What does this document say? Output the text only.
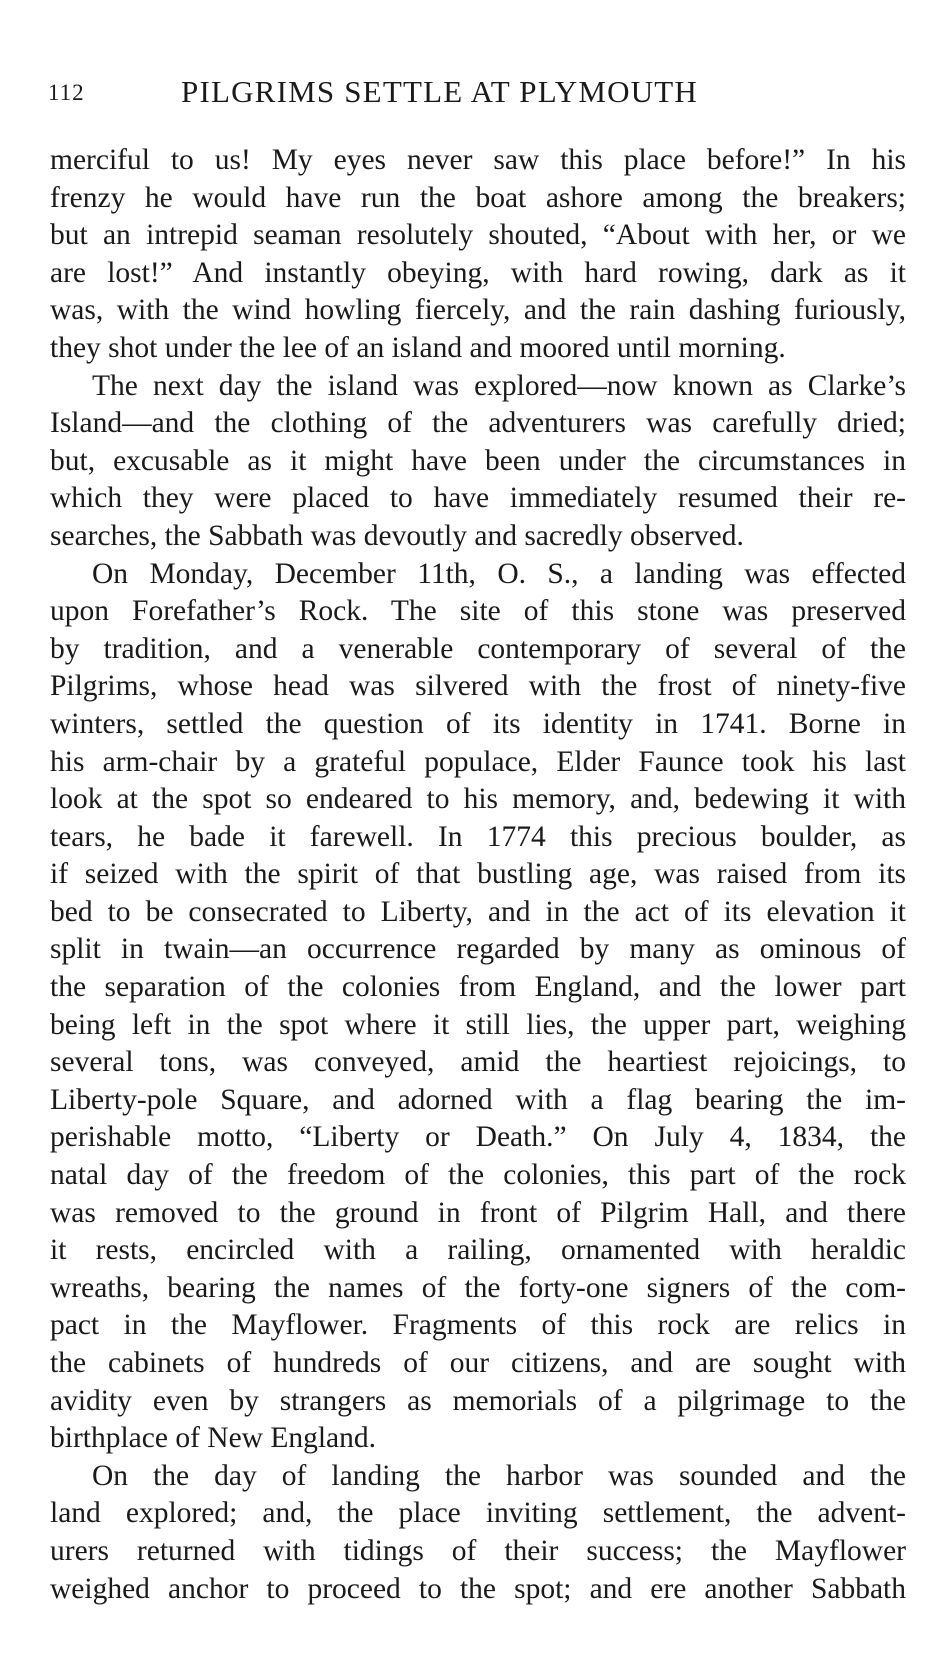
112	PILGRIMS SETTLE AT PLYMOUTH
merciful to us! My eyes never saw this place before!” In his
frenzy he would have run the boat ashore among the breakers;
but an intrepid seaman resolutely shouted, “About with her, or we
are lost!” And instantly obeying, with hard rowing, dark as it
was, with the wind howling fiercely, and the rain dashing furiously,
they shot under the lee of an island and moored until morning.
The next day the island was explored—now known as Clarke’s
Island—and the clothing of the adventurers was carefully dried;
but, excusable as it might have been under the circumstances in
which they were placed to have immediately resumed their re-
searches, the Sabbath was devoutly and sacredly observed.
On Monday, December 11th, O. S., a landing was effected
upon Forefather’s Rock. The site of this stone was preserved
by tradition, and a venerable contemporary of several of the
Pilgrims, whose head was silvered with the frost of ninety-five
winters, settled the question of its identity in 1741. Borne in
his arm-chair by a grateful populace, Elder Faunce took his last
look at the spot so endeared to his memory, and, bedewing it with
tears, he bade it farewell. In 1774 this precious boulder, as
if seized with the spirit of that bustling age, was raised from its
bed to be consecrated to Liberty, and in the act of its elevation it
split in twain—an occurrence regarded by many as ominous of
the separation of the colonies from England, and the lower part
being left in the spot where it still lies, the upper part, weighing
several tons, was conveyed, amid the heartiest rejoicings, to
Liberty-pole Square, and adorned with a flag bearing the im-
perishable motto, “Liberty or Death.” On July 4, 1834, the
natal day of the freedom of the colonies, this part of the rock
was removed to the ground in front of Pilgrim Hall, and there
it rests, encircled with a railing, ornamented with heraldic
wreaths, bearing the names of the forty-one signers of the com-
pact in the Mayflower. Fragments of this rock are relics in
the cabinets of hundreds of our citizens, and are sought with
avidity even by strangers as memorials of a pilgrimage to the
birthplace of New England.
On the day of landing the harbor was sounded and the
land explored; and, the place inviting settlement, the advent-
urers returned with tidings of their success; the Mayflower
weighed anchor to proceed to the spot; and ere another Sabbath
